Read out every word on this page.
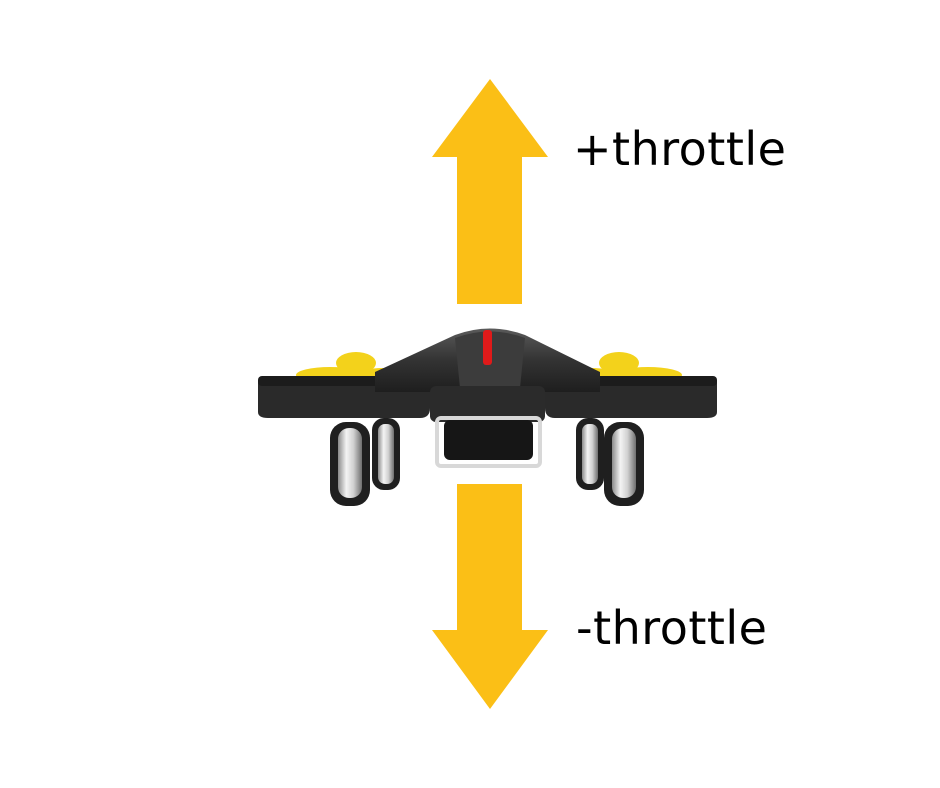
+throttle
-throttle
